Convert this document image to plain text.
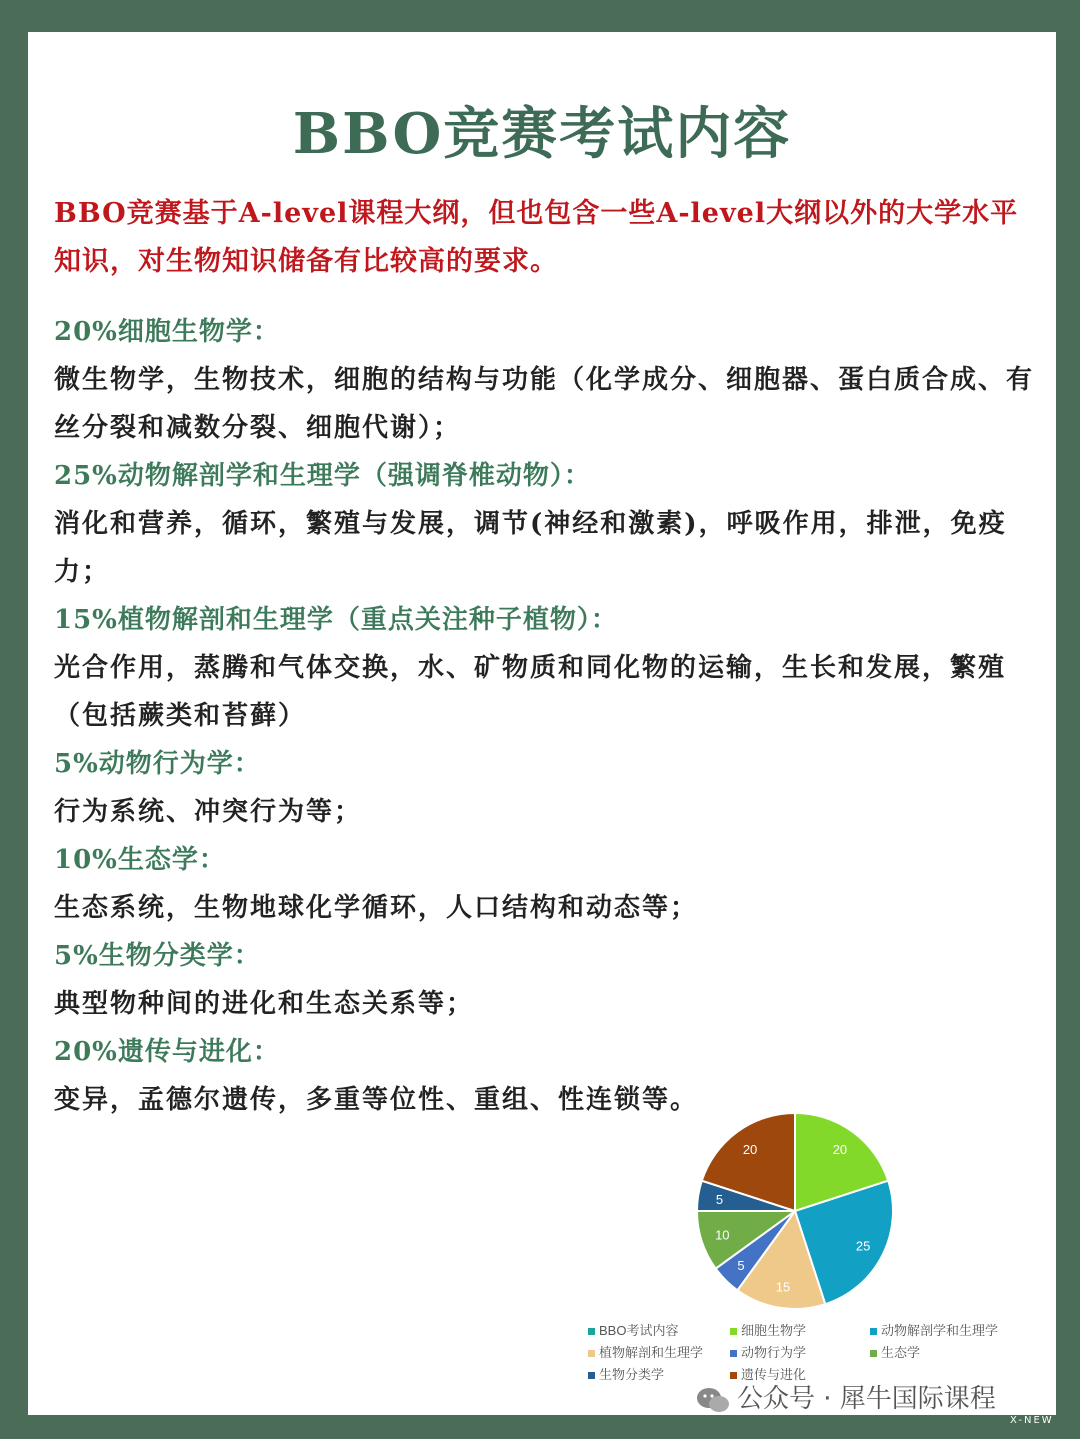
BBO竞赛考试内容
BBO竞赛基于A-level课程大纲，但也包含一些A-level大纲以外的大学水平知识，对生物知识储备有比较高的要求。
20%细胞生物学：
微生物学，生物技术，细胞的结构与功能（化学成分、细胞器、蛋白质合成、有丝分裂和减数分裂、细胞代谢）；
25%动物解剖学和生理学（强调脊椎动物）：
消化和营养，循环，繁殖与发展，调节(神经和激素)，呼吸作用，排泄，免疫力；
15%植物解剖和生理学（重点关注种子植物）：
光合作用，蒸腾和气体交换，水、矿物质和同化物的运输，生长和发展，繁殖（包括蕨类和苔藓）
5%动物行为学：
行为系统、冲突行为等；
10%生态学：
生态系统，生物地球化学循环，人口结构和动态等；
5%生物分类学：
典型物种间的进化和生态关系等；
20%遗传与进化：
变异，孟德尔遗传，多重等位性、重组、性连锁等。
20
25
15
5
10
5
20
BBO考试内容	细胞生物学	动物解剖学和生理学
植物解剖和生理学	动物行为学	生态学
生物分类学	遗传与进化
公众号 · 犀牛国际课程
X-NEW
